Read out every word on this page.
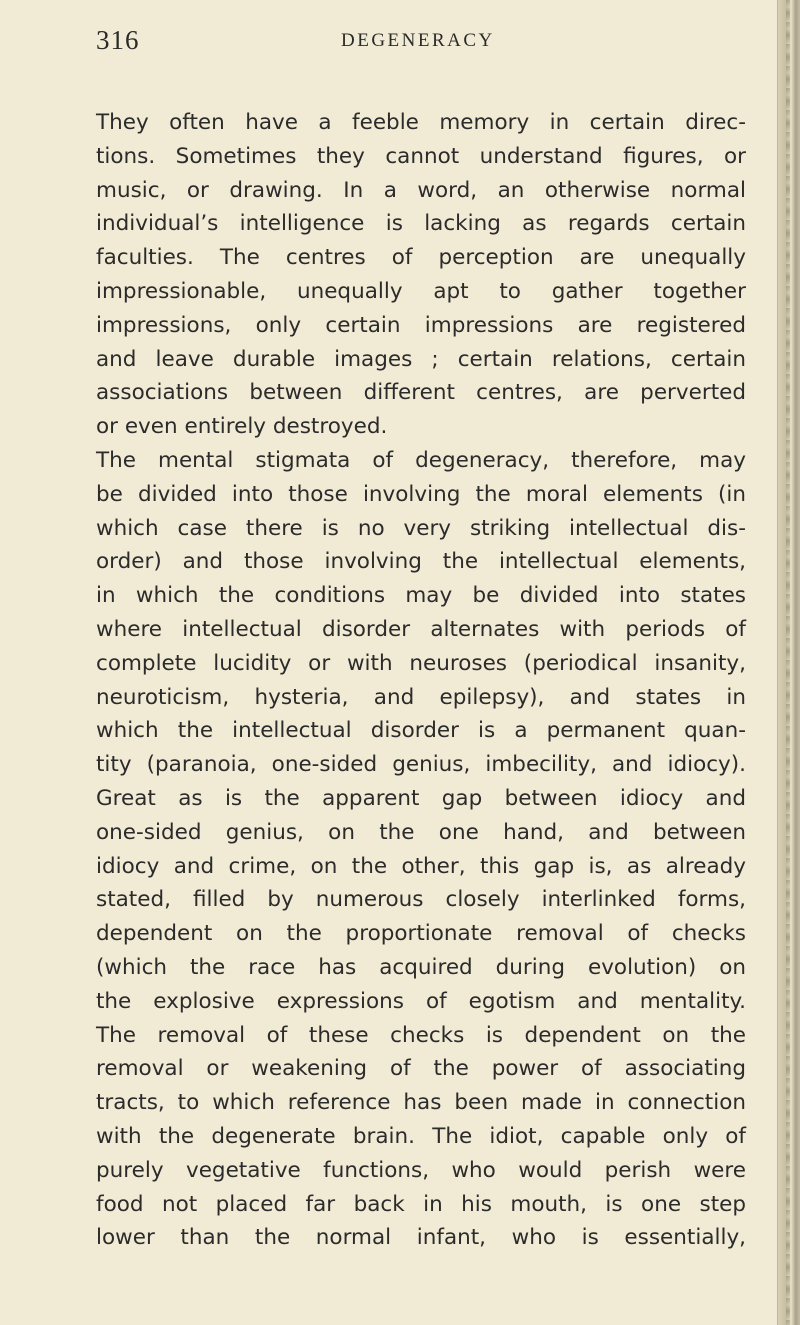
316	DEGENERACY
They often have a feeble memory in certain direc-
tions. Sometimes they cannot understand figures, or
music, or drawing. In a word, an otherwise normal
individual’s intelligence is lacking as regards certain
faculties. The centres of perception are unequally
impressionable, unequally apt to gather together
impressions, only certain impressions are registered
and leave durable images ; certain relations, certain
associations between different centres, are perverted
or even entirely destroyed.
The mental stigmata of degeneracy, therefore, may
be divided into those involving the moral elements (in
which case there is no very striking intellectual dis-
order) and those involving the intellectual elements,
in which the conditions may be divided into states
where intellectual disorder alternates with periods of
complete lucidity or with neuroses (periodical insanity,
neuroticism, hysteria, and epilepsy), and states in
which the intellectual disorder is a permanent quan-
tity (paranoia, one-sided genius, imbecility, and idiocy).
Great as is the apparent gap between idiocy and
one-sided genius, on the one hand, and between
idiocy and crime, on the other, this gap is, as already
stated, filled by numerous closely interlinked forms,
dependent on the proportionate removal of checks
(which the race has acquired during evolution) on
the explosive expressions of egotism and mentality.
The removal of these checks is dependent on the
removal or weakening of the power of associating
tracts, to which reference has been made in connection
with the degenerate brain. The idiot, capable only of
purely vegetative functions, who would perish were
food not placed far back in his mouth, is one step
lower than the normal infant, who is essentially,
